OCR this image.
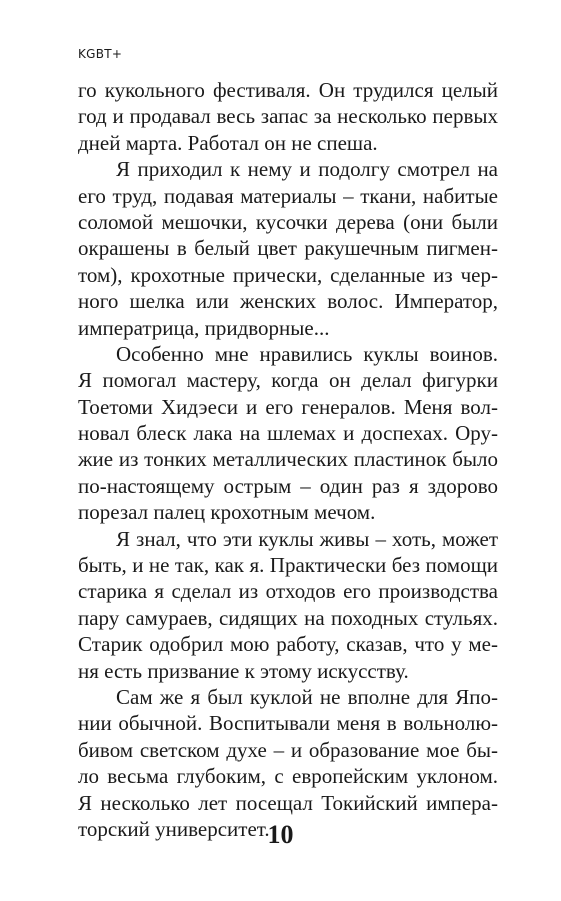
KGBT+

го кукольного фестиваля. Он трудился целый
год и продавал весь запас за несколько первых
дней марта. Работал он не спеша.

Я приходил к нему и подолгу смотрел на
его труд, подавая материалы – ткани, набитые
соломой мешочки, кусочки дерева (они были
окрашены в белый цвет ракушечным пигмен-
том), крохотные прически, сделанные из чер-
ного шелка или женских волос. Император,
императрица, придворные...

Особенно мне нравились куклы воинов.
Я помогал мастеру, когда он делал фигурки
Тоетоми Хидэеси и его генералов. Меня вол-
новал блеск лака на шлемах и доспехах. Ору-
жие из тонких металлических пластинок было
по-настоящему острым – один раз я здорово
порезал палец крохотным мечом.

Я знал, что эти куклы живы – хоть, может
быть, и не так, как я. Практически без помощи
старика я сделал из отходов его производства
пару самураев, сидящих на походных стульях.
Старик одобрил мою работу, сказав, что у ме-
ня есть призвание к этому искусству.

Сам же я был куклой не вполне для Япо-
нии обычной. Воспитывали меня в вольнолю-
бивом светском духе – и образование мое бы-
ло весьма глубоким, с европейским уклоном.
Я несколько лет посещал Токийский импера-
торский университет.

10
